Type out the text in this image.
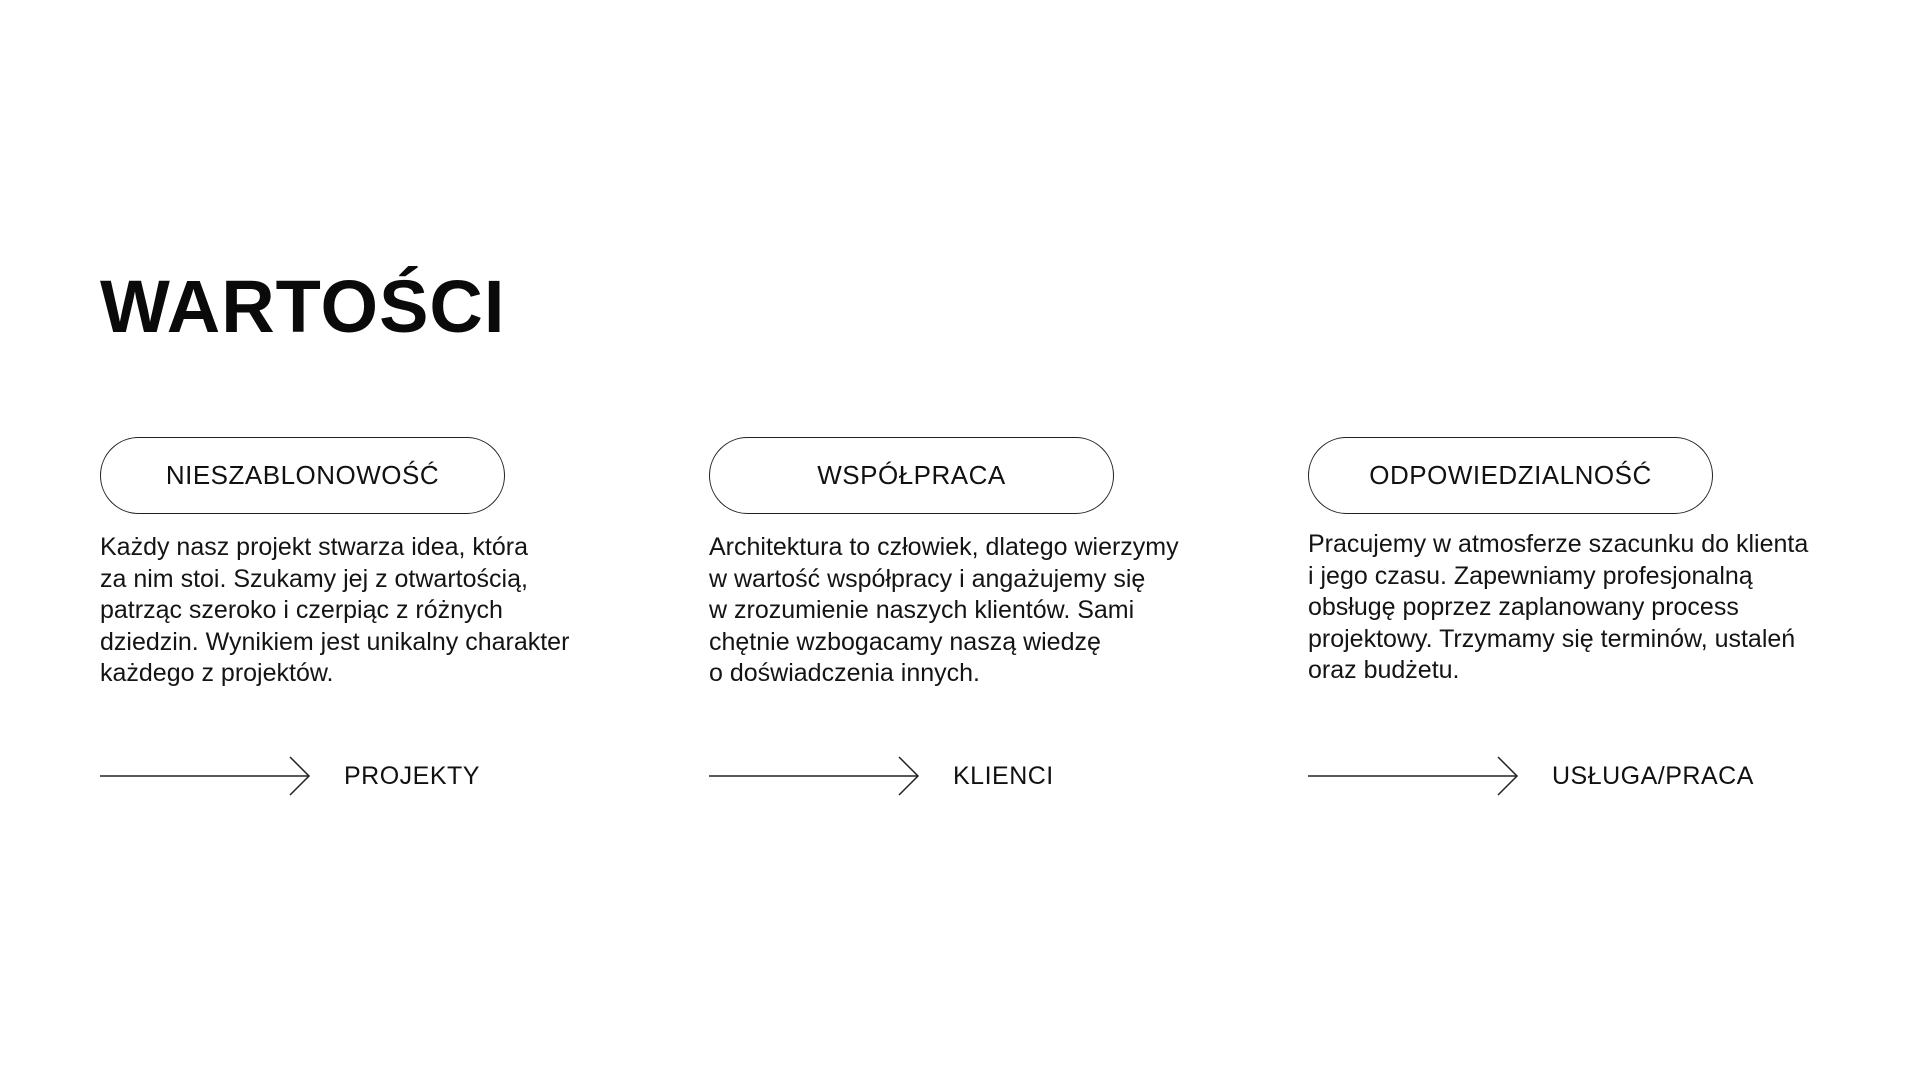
WARTOŚCI
NIESZABLONOWOŚĆ

Każdy nasz projekt stwarza idea, która
za nim stoi. Szukamy jej z otwartością,
patrząc szeroko i czerpiąc z różnych
dziedzin. Wynikiem jest unikalny charakter
każdego z projektów.

WSPÓŁPRACA

Architektura to człowiek, dlatego wierzymy
w wartość współpracy i angażujemy się
w zrozumienie naszych klientów. Sami
chętnie wzbogacamy naszą wiedzę
o doświadczenia innych.

ODPOWIEDZIALNOŚĆ

Pracujemy w atmosferze szacunku do klienta
i jego czasu. Zapewniamy profesjonalną
obsługę poprzez zaplanowany process
projektowy. Trzymamy się terminów, ustaleń
oraz budżetu.

PROJEKTY	KLIENCI	USŁUGA/PRACA
